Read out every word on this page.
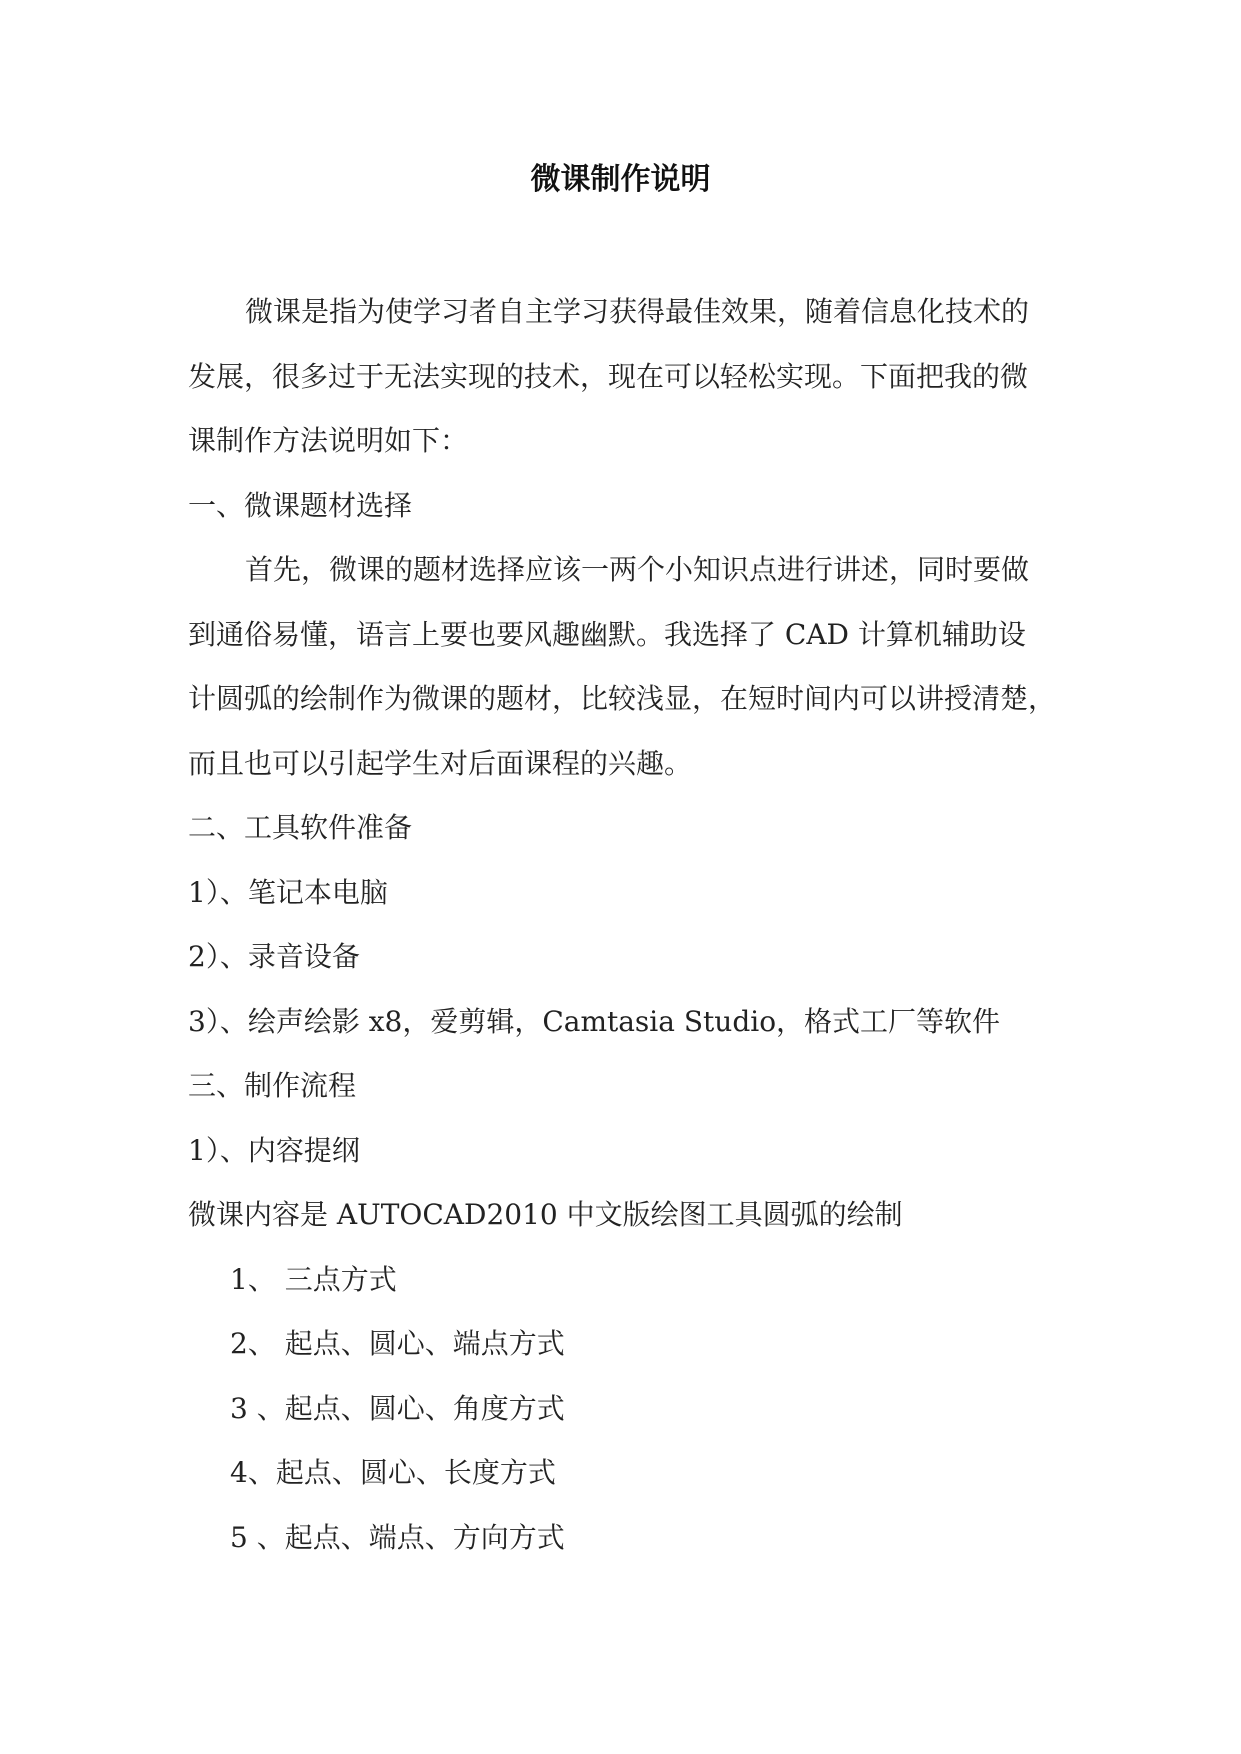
微课制作说明
微课是指为使学习者自主学习获得最佳效果，随着信息化技术的
发展，很多过于无法实现的技术，现在可以轻松实现。下面把我的微
课制作方法说明如下：
一、微课题材选择
首先，微课的题材选择应该一两个小知识点进行讲述，同时要做
到通俗易懂，语言上要也要风趣幽默。我选择了 CAD 计算机辅助设
计圆弧的绘制作为微课的题材，比较浅显，在短时间内可以讲授清楚，
而且也可以引起学生对后面课程的兴趣。
二、工具软件准备
1）、笔记本电脑
2）、录音设备
3）、绘声绘影 x8，爱剪辑，Camtasia Studio，格式工厂等软件
三、制作流程
1）、内容提纲
微课内容是 AUTOCAD2010 中文版绘图工具圆弧的绘制
1、 三点方式
2、 起点、圆心、端点方式
3 、起点、圆心、角度方式
4、起点、圆心、长度方式
5 、起点、端点、方向方式
